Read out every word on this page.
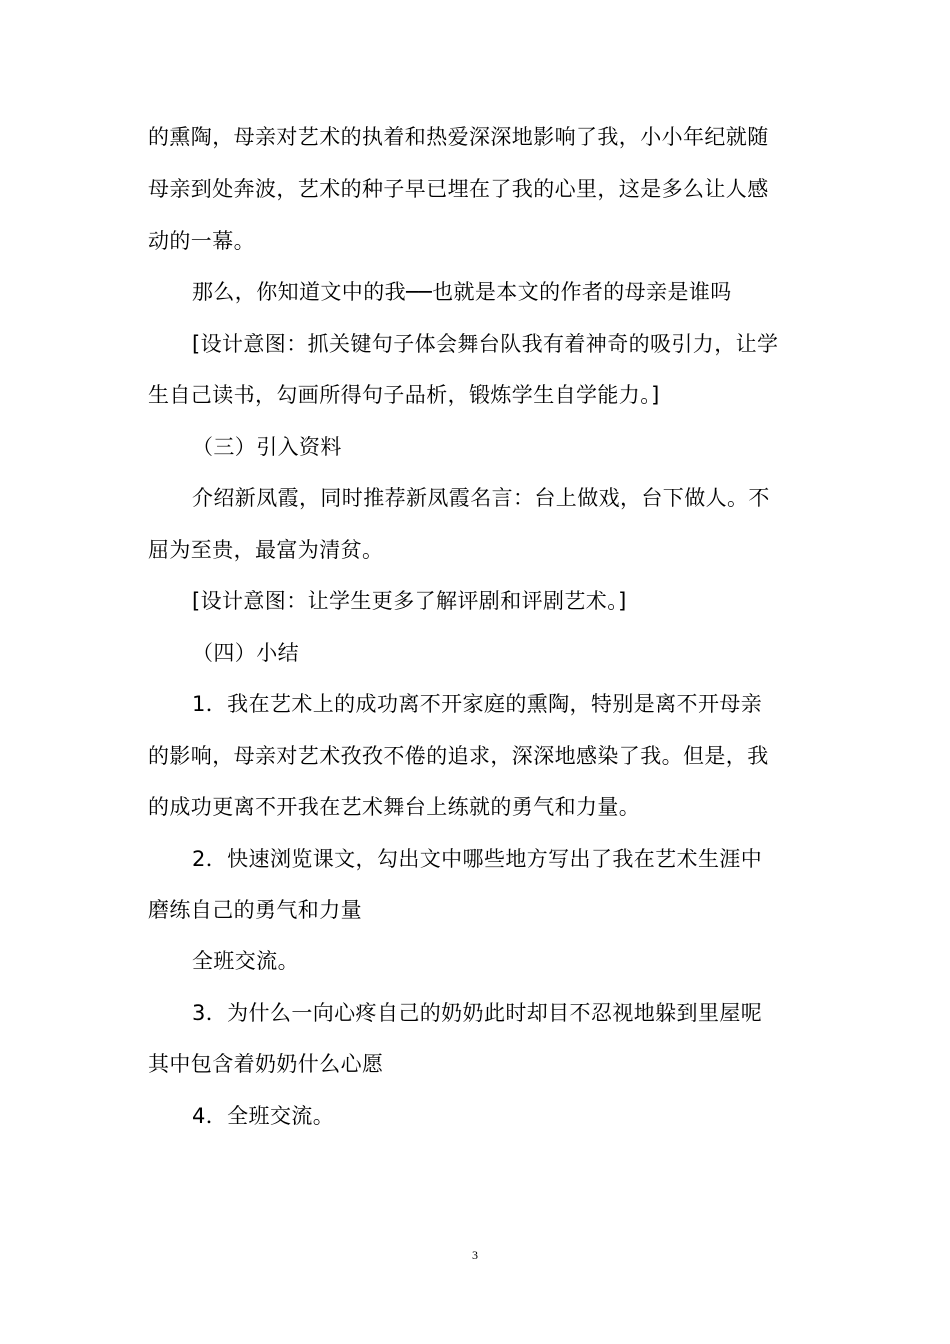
的熏陶，母亲对艺术的执着和热爱深深地影响了我，小小年纪就随
母亲到处奔波，艺术的种子早已埋在了我的心里，这是多么让人感
动的一幕。
那么，你知道文中的我──也就是本文的作者的母亲是谁吗
[设计意图：抓关键句子体会舞台队我有着神奇的吸引力，让学
生自己读书，勾画所得句子品析，锻炼学生自学能力。]
（三）引入资料
介绍新凤霞，同时推荐新凤霞名言：台上做戏，台下做人。不
屈为至贵，最富为清贫。
[设计意图：让学生更多了解评剧和评剧艺术。]
（四）小结
1．我在艺术上的成功离不开家庭的熏陶，特别是离不开母亲
的影响，母亲对艺术孜孜不倦的追求，深深地感染了我。但是，我
的成功更离不开我在艺术舞台上练就的勇气和力量。
2．快速浏览课文，勾出文中哪些地方写出了我在艺术生涯中
磨练自己的勇气和力量
全班交流。
3．为什么一向心疼自己的奶奶此时却目不忍视地躲到里屋呢
其中包含着奶奶什么心愿
4．全班交流。
3
